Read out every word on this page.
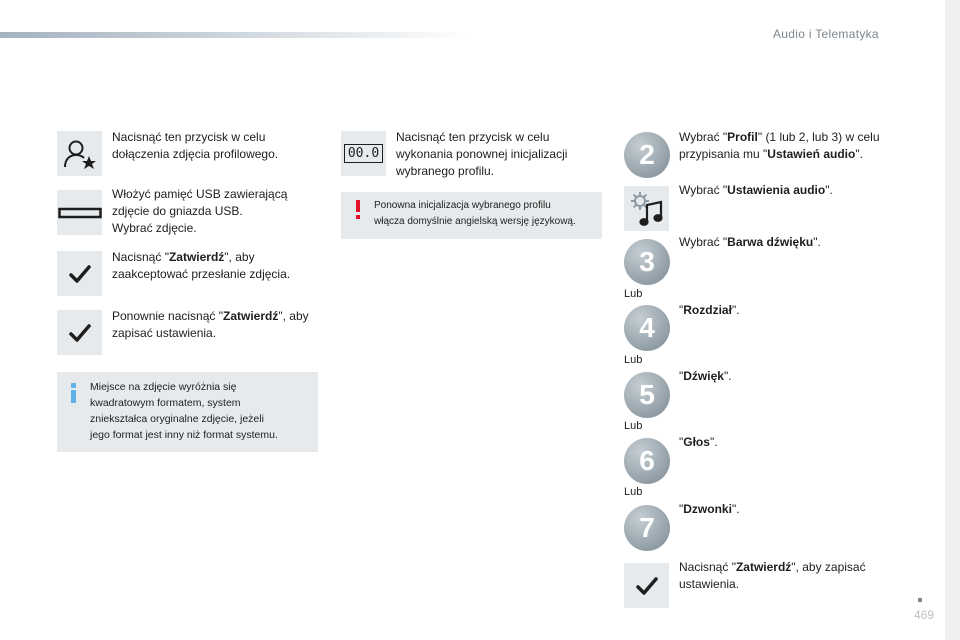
Audio i Telematyka
469
Nacisnąć ten przycisk w celu
dołączenia zdjęcia profilowego.
Włożyć pamięć USB zawierającą
zdjęcie do gniazda USB.
Wybrać zdjęcie.
Nacisnąć "Zatwierdź", aby
zaakceptować przesłanie zdjęcia.
Ponownie nacisnąć "Zatwierdź", aby
zapisać ustawienia.
Miejsce na zdjęcie wyróżnia się
kwadratowym formatem, system
zniekształca oryginalne zdjęcie, jeżeli
jego format jest inny niż format systemu.
00.0
Nacisnąć ten przycisk w celu
wykonania ponownej inicjalizacji
wybranego profilu.
Ponowna inicjalizacja wybranego profilu
włącza domyślnie angielską wersję językową.
2
Wybrać "Profil" (1 lub 2, lub 3) w celu
przypisania mu "Ustawień audio".
Wybrać "Ustawienia audio".
3
Wybrać "Barwa dźwięku".
Lub
4
"Rozdział".
Lub
5
"Dźwięk".
Lub
6
"Głos".
Lub
7
"Dzwonki".
Nacisnąć "Zatwierdź", aby zapisać
ustawienia.
